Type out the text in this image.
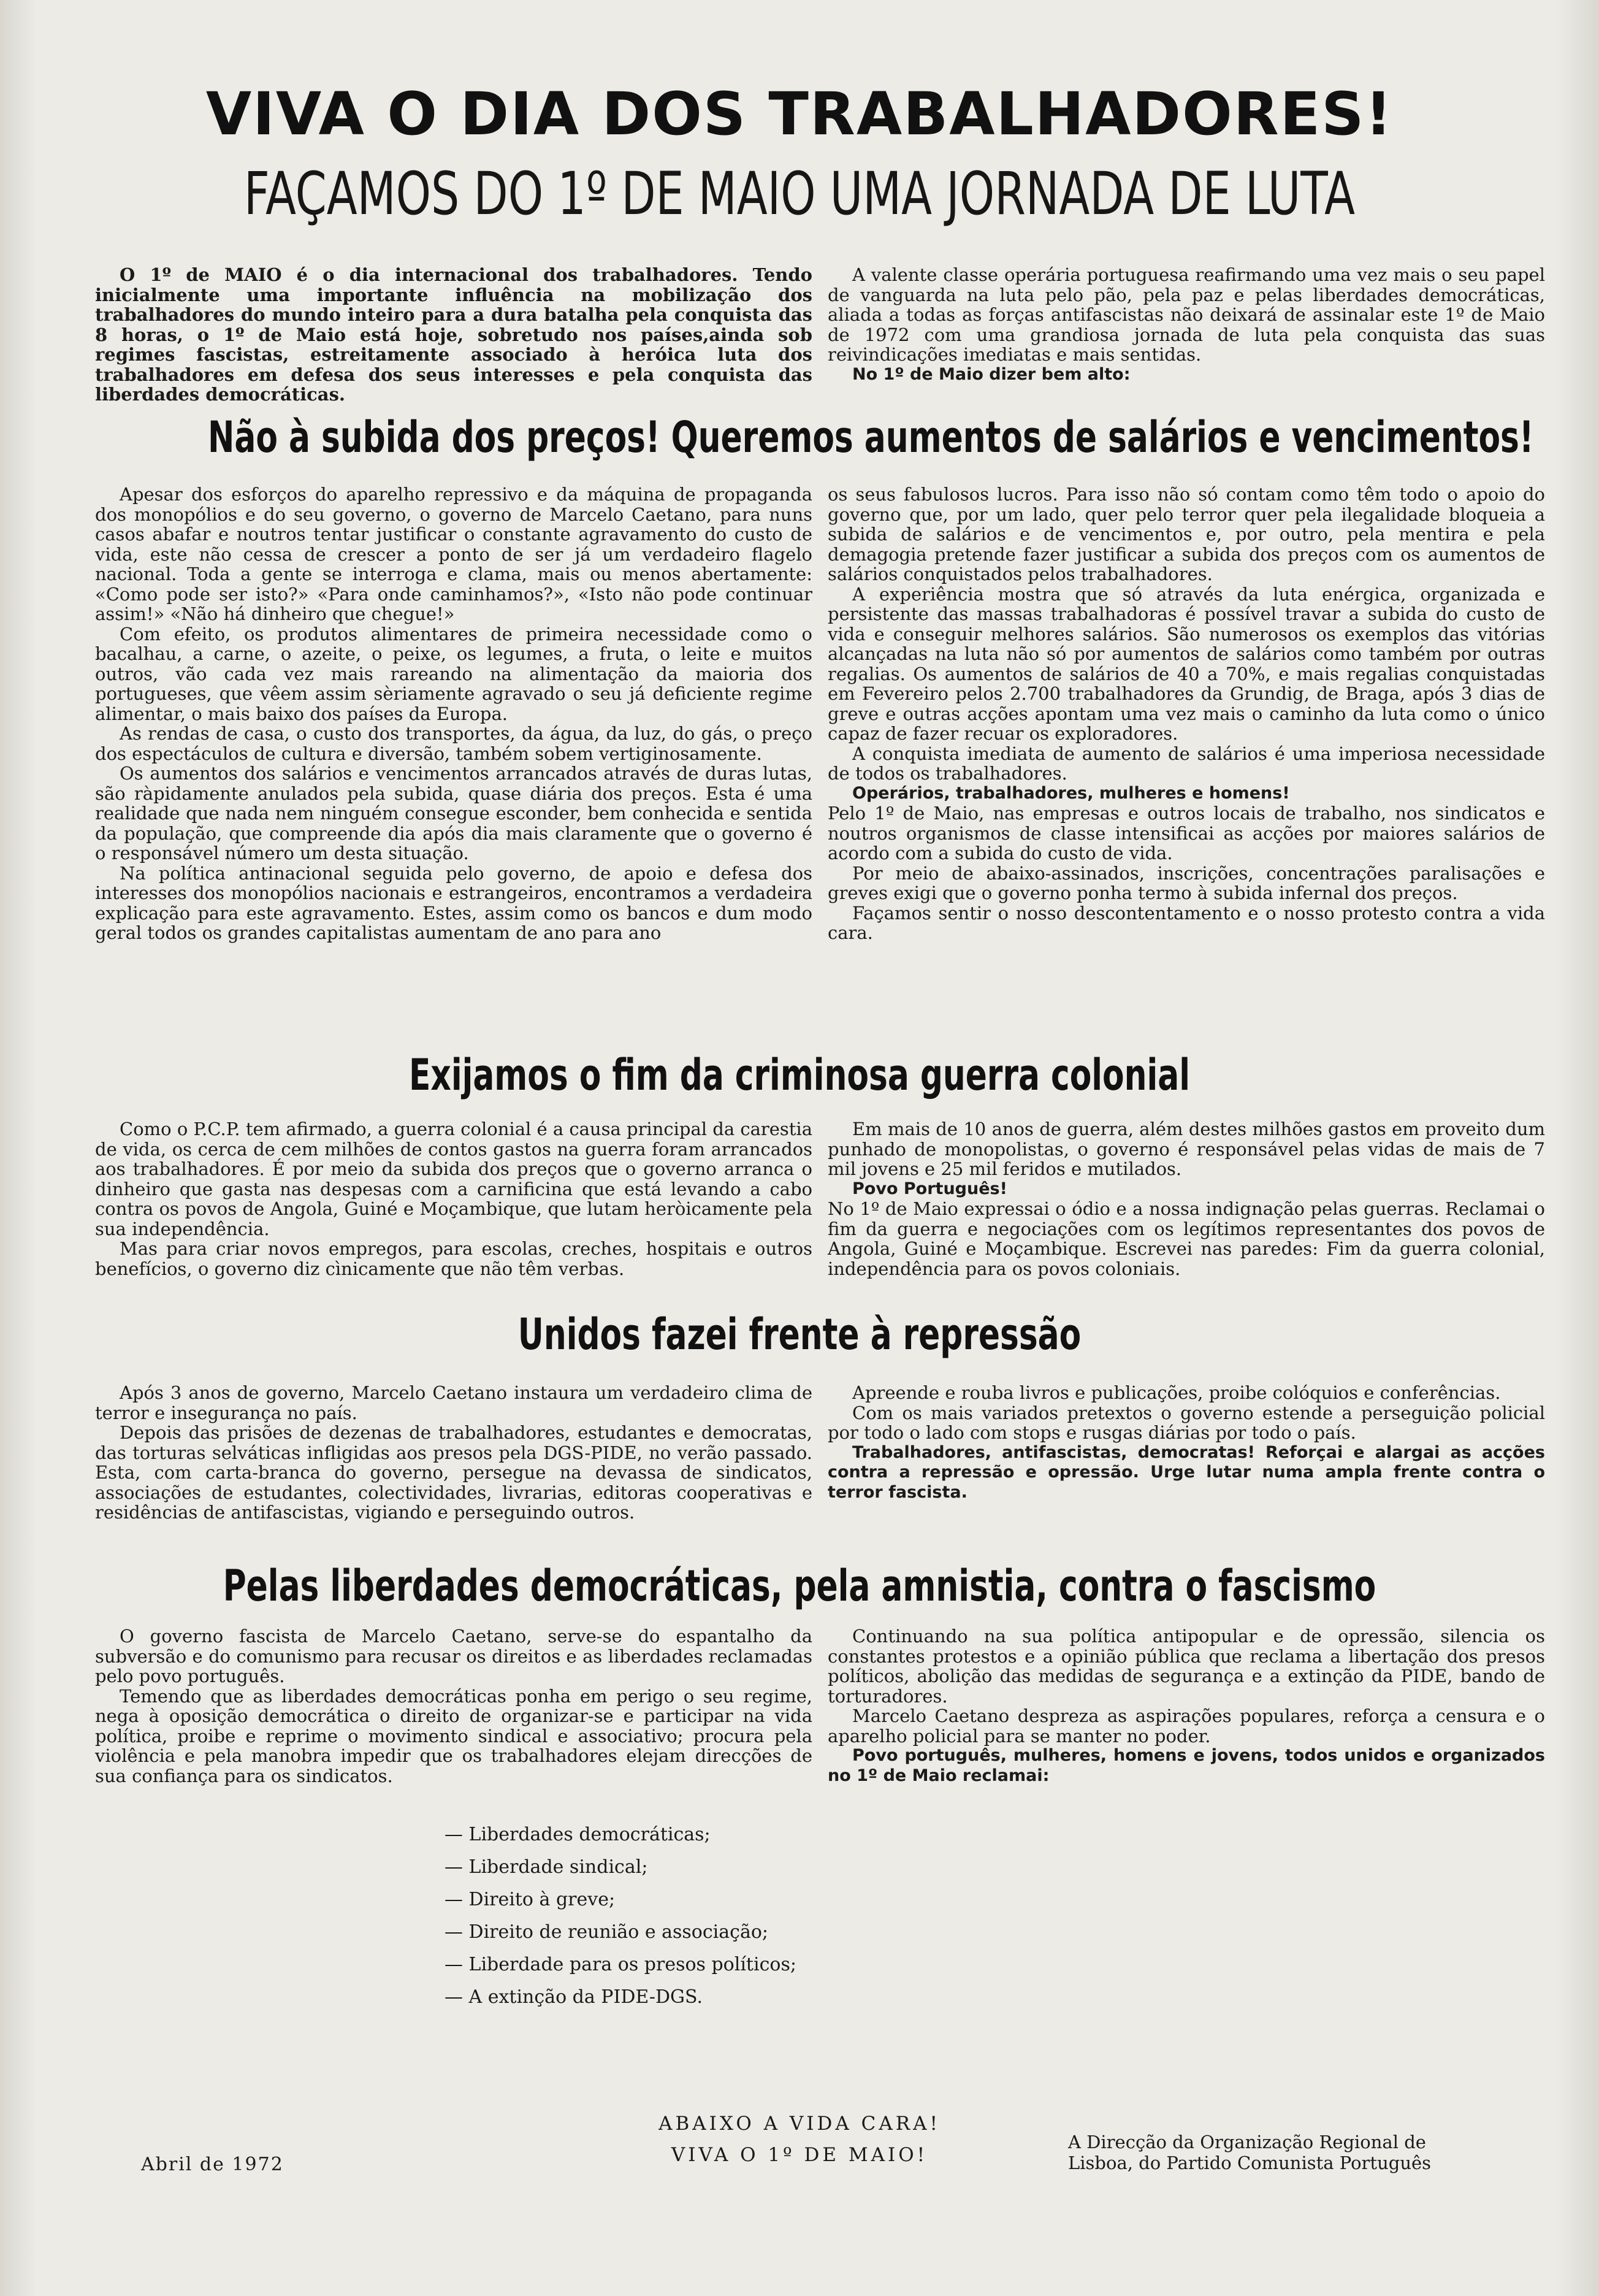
VIVA O DIA DOS TRABALHADORES!
FAÇAMOS DO 1º DE MAIO UMA JORNADA DE LUTA

O 1º de MAIO é o dia internacional dos trabalhadores. Tendo inicialmente uma importante influência na mobilização dos trabalhadores do mundo inteiro para a dura batalha pela conquista das 8 horas, o 1º de Maio está hoje, sobretudo nos países,ainda sob regimes fascistas, estreitamente associado à heróica luta dos trabalhadores em defesa dos seus interesses e pela conquista das liberdades democráticas.

A valente classe operária portuguesa reafirmando uma vez mais o seu papel de vanguarda na luta pelo pão, pela paz e pelas liberdades democráticas, aliada a todas as forças antifascistas não deixará de assinalar este 1º de Maio de 1972 com uma grandiosa jornada de luta pela conquista das suas reivindicações imediatas e mais sentidas.

No 1º de Maio dizer bem alto:

Não à subida dos preços! Queremos aumentos de salários e vencimentos!

Apesar dos esforços do aparelho repressivo e da máquina de propaganda dos monopólios e do seu governo, o governo de Marcelo Caetano, para nuns casos abafar e noutros tentar justificar o constante agravamento do custo de vida, este não cessa de crescer a ponto de ser já um verdadeiro flagelo nacional. Toda a gente se interroga e clama, mais ou menos abertamente: «Como pode ser isto?» «Para onde caminhamos?», «Isto não pode continuar assim!» «Não há dinheiro que chegue!»

Com efeito, os produtos alimentares de primeira necessidade como o bacalhau, a carne, o azeite, o peixe, os legumes, a fruta, o leite e muitos outros, vão cada vez mais rareando na alimentação da maioria dos portugueses, que vêem assim sèriamente agravado o seu já deficiente regime alimentar, o mais baixo dos países da Europa.

As rendas de casa, o custo dos transportes, da água, da luz, do gás, o preço dos espectáculos de cultura e diversão, também sobem vertiginosamente.

Os aumentos dos salários e vencimentos arrancados através de duras lutas, são ràpidamente anulados pela subida, quase diária dos preços. Esta é uma realidade que nada nem ninguém consegue esconder, bem conhecida e sentida da população, que compreende dia após dia mais claramente que o governo é o responsável número um desta situação.

Na política antinacional seguida pelo governo, de apoio e defesa dos interesses dos monopólios nacionais e estrangeiros, encontramos a verdadeira explicação para este agravamento. Estes, assim como os bancos e dum modo geral todos os grandes capitalistas aumentam de ano para ano

os seus fabulosos lucros. Para isso não só contam como têm todo o apoio do governo que, por um lado, quer pelo terror quer pela ilegalidade bloqueia a subida de salários e de vencimentos e, por outro, pela mentira e pela demagogia pretende fazer justificar a subida dos preços com os aumentos de salários conquistados pelos trabalhadores.

A experiência mostra que só através da luta enérgica, organizada e persistente das massas trabalhadoras é possível travar a subida do custo de vida e conseguir melhores salários. São numerosos os exemplos das vitórias alcançadas na luta não só por aumentos de salários como também por outras regalias. Os aumentos de salários de 40 a 70%, e mais regalias conquistadas em Fevereiro pelos 2.700 trabalhadores da Grundig, de Braga, após 3 dias de greve e outras acções apontam uma vez mais o caminho da luta como o único capaz de fazer recuar os exploradores.

A conquista imediata de aumento de salários é uma imperiosa necessidade de todos os trabalhadores.

Operários, trabalhadores, mulheres e homens!

Pelo 1º de Maio, nas empresas e outros locais de trabalho, nos sindicatos e noutros organismos de classe intensificai as acções por maiores salários de acordo com a subida do custo de vida.

Por meio de abaixo-assinados, inscrições, concentrações paralisações e greves exigi que o governo ponha termo à subida infernal dos preços.

Façamos sentir o nosso descontentamento e o nosso protesto contra a vida cara.

Exijamos o fim da criminosa guerra colonial

Como o P.C.P. tem afirmado, a guerra colonial é a causa principal da carestia de vida, os cerca de cem milhões de contos gastos na guerra foram arrancados aos trabalhadores. É por meio da subida dos preços que o governo arranca o dinheiro que gasta nas despesas com a carnificina que está levando a cabo contra os povos de Angola, Guiné e Moçambique, que lutam heròicamente pela sua independência.

Mas para criar novos empregos, para escolas, creches, hospitais e outros benefícios, o governo diz cìnicamente que não têm verbas.

Em mais de 10 anos de guerra, além destes milhões gastos em proveito dum punhado de monopolistas, o governo é responsável pelas vidas de mais de 7 mil jovens e 25 mil feridos e mutilados.

Povo Português!

No 1º de Maio expressai o ódio e a nossa indignação pelas guerras. Reclamai o fim da guerra e negociações com os legítimos representantes dos povos de Angola, Guiné e Moçambique. Escrevei nas paredes: Fim da guerra colonial, independência para os povos coloniais.

Unidos fazei frente à repressão

Após 3 anos de governo, Marcelo Caetano instaura um verdadeiro clima de terror e insegurança no país.

Depois das prisões de dezenas de trabalhadores, estudantes e democratas, das torturas selváticas infligidas aos presos pela DGS-PIDE, no verão passado. Esta, com carta-branca do governo, persegue na devassa de sindicatos, associações de estudantes, colectividades, livrarias, editoras cooperativas e residências de antifascistas, vigiando e perseguindo outros.

Apreende e rouba livros e publicações, proibe colóquios e conferências.

Com os mais variados pretextos o governo estende a perseguição policial por todo o lado com stops e rusgas diárias por todo o país.

Trabalhadores, antifascistas, democratas! Reforçai e alargai as acções contra a repressão e opressão. Urge lutar numa ampla frente contra o terror fascista.

Pelas liberdades democráticas, pela amnistia, contra o fascismo

O governo fascista de Marcelo Caetano, serve-se do espantalho da subversão e do comunismo para recusar os direitos e as liberdades reclamadas pelo povo português.

Temendo que as liberdades democráticas ponha em perigo o seu regime, nega à oposição democrática o direito de organizar-se e participar na vida política, proibe e reprime o movimento sindical e associativo; procura pela violência e pela manobra impedir que os trabalhadores elejam direcções de sua confiança para os sindicatos.

Continuando na sua política antipopular e de opressão, silencia os constantes protestos e a opinião pública que reclama a libertação dos presos políticos, abolição das medidas de segurança e a extinção da PIDE, bando de torturadores.

Marcelo Caetano despreza as aspirações populares, reforça a censura e o aparelho policial para se manter no poder.

Povo português, mulheres, homens e jovens, todos unidos e organizados no 1º de Maio reclamai:

— Liberdades democráticas;
— Liberdade sindical;
— Direito à greve;
— Direito de reunião e associação;
— Liberdade para os presos políticos;
— A extinção da PIDE-DGS.
ABAIXO A VIDA CARA!
VIVA O 1º DE MAIO!
Abril de 1972
A Direcção da Organização Regional de
Lisboa, do Partido Comunista Português
